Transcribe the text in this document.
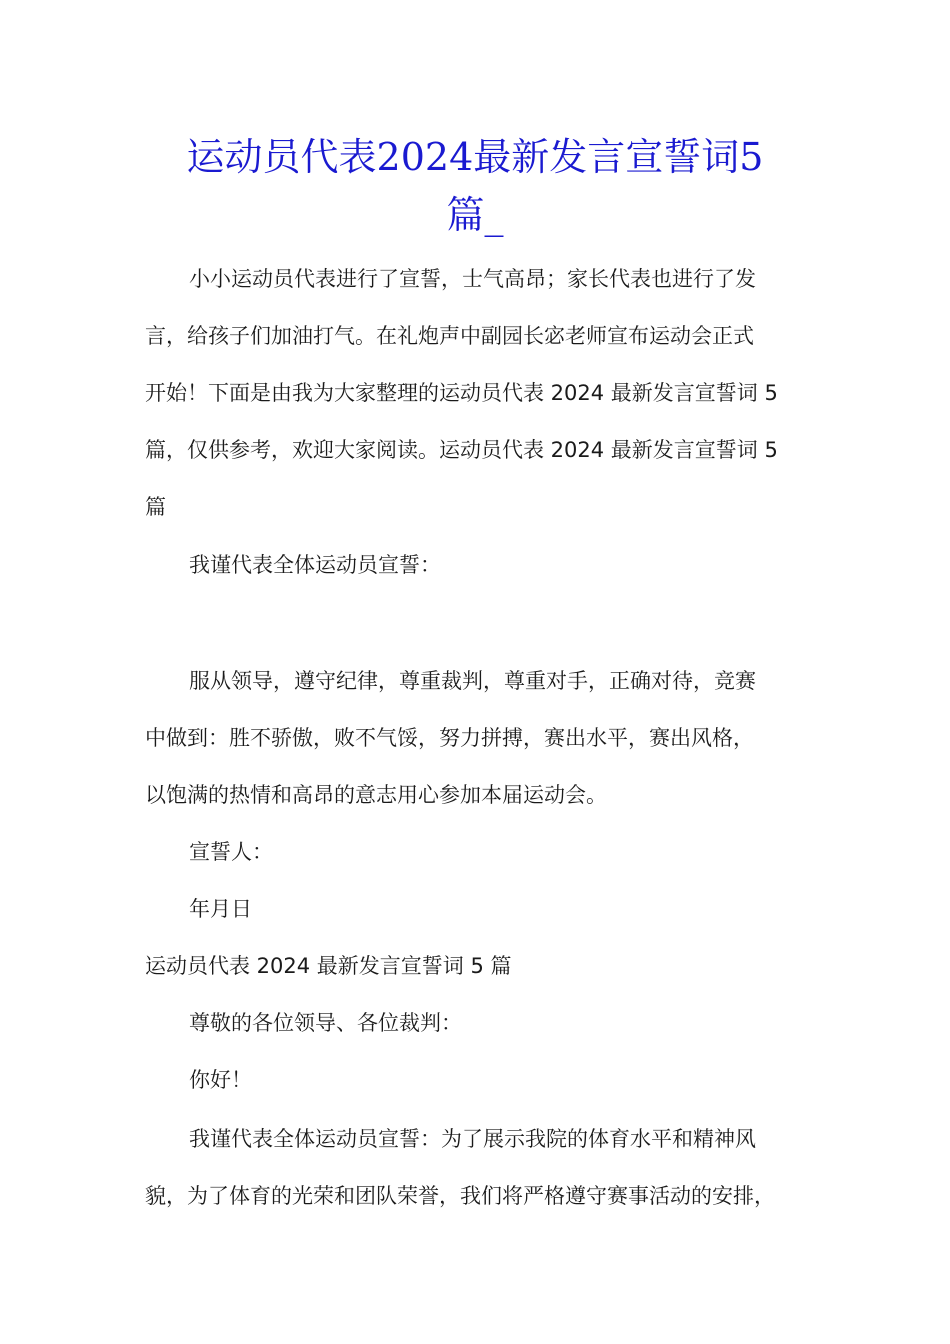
运动员代表2024最新发言宣誓词5
篇_
小小运动员代表进行了宣誓，士气高昂；家长代表也进行了发
言，给孩子们加油打气。在礼炮声中副园长宓老师宣布运动会正式
开始！下面是由我为大家整理的运动员代表 2024 最新发言宣誓词 5
篇，仅供参考，欢迎大家阅读。运动员代表 2024 最新发言宣誓词 5
篇
我谨代表全体运动员宣誓：
服从领导，遵守纪律，尊重裁判，尊重对手，正确对待，竞赛
中做到：胜不骄傲，败不气馁，努力拼搏，赛出水平，赛出风格，
以饱满的热情和高昂的意志用心参加本届运动会。
宣誓人：
年月日
运动员代表 2024 最新发言宣誓词 5 篇
尊敬的各位领导、各位裁判：
你好！
我谨代表全体运动员宣誓：为了展示我院的体育水平和精神风
貌，为了体育的光荣和团队荣誉，我们将严格遵守赛事活动的安排，
